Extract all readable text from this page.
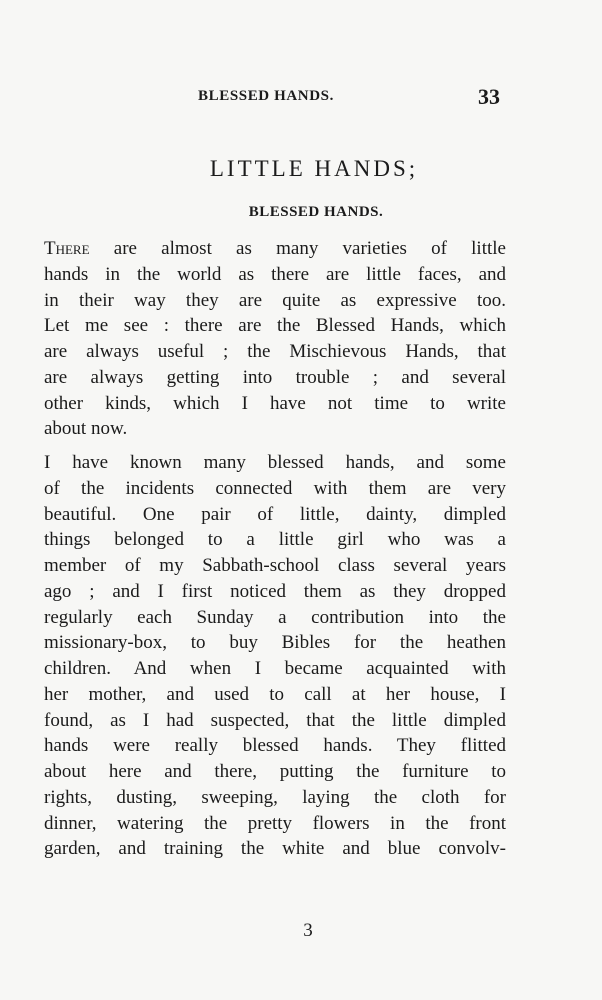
BLESSED HANDS.	33
LITTLE HANDS;
BLESSED HANDS.
There are almost as many varieties of little
hands in the world as there are little faces, and
in their way they are quite as expressive too.
Let me see : there are the Blessed Hands, which
are always useful ; the Mischievous Hands, that
are always getting into trouble ; and several
other kinds, which I have not time to write
about now.
I have known many blessed hands, and some
of the incidents connected with them are very
beautiful. One pair of little, dainty, dimpled
things belonged to a little girl who was a
member of my Sabbath-school class several years
ago ; and I first noticed them as they dropped
regularly each Sunday a contribution into the
missionary-box, to buy Bibles for the heathen
children. And when I became acquainted with
her mother, and used to call at her house, I
found, as I had suspected, that the little dimpled
hands were really blessed hands. They flitted
about here and there, putting the furniture to
rights, dusting, sweeping, laying the cloth for
dinner, watering the pretty flowers in the front
garden, and training the white and blue convolv-
3
